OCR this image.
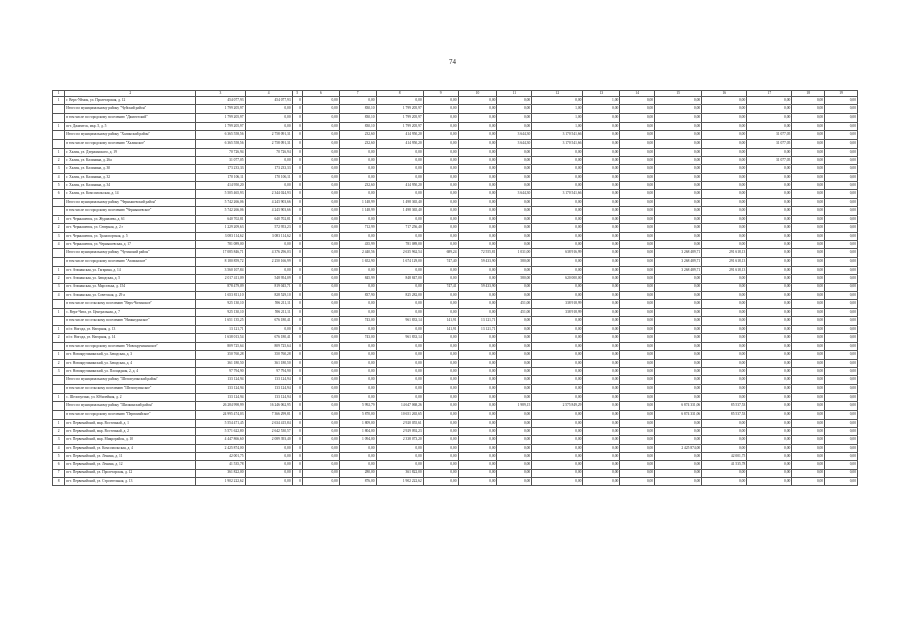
74
1	2	3	4	5	6	7	8	9	10	11	12	13	14	15	16	17	18	19
1	г. Верх-Уймон, ул. Пролетарская, д. 12	454 077,93	454 077,93	0	0,00	0,00	0,00	0,00	0,00	0,00	0,00	1,00	0,00	0,00	0,00	0,00	0,00	0,00
	Итого по муниципальному району "Чуйский район"	1 799 205,97	0,00	0	0,00	830,10	1 799 205,97	0,00	0,00	0,00	1,00	0,00	0,00	0,00	0,00	0,00	0,00	0,00
	в том числе по городскому поселению "Джигитский"	1 799 205,97	0,00	0	0,00	830,10	1 799 205,97	0,00	0,00	0,00	1,00	0,00	0,00	0,00	0,00	0,00	0,00	0,00
1	пгт. Джигитск, мкр. 5, д. 5	1 799 205,97	0,00	0	0,00	830,10	1 799 205,97	0,00	0,00	0,00	1,00	0,00	0,00	0,00	0,00	0,00	0,00	0,00
	Итого по муниципальному району "Халинский район"	6 365 558,56	2 758 091,31	0	0,00	232,60	414 950,20	0,00	0,00	3 644,30	3 170 541,66	0,00	0,00	0,00	0,00	31 077,05	0,00	0,00
	в том числе по городскому поселению "Халинское"	6 365 558,56	2 758 091,31	0	0,00	232,60	414 950,20	0,00	0,00	3 644,30	3 170 541,66	0,00	0,00	0,00	0,00	31 077,05	0,00	0,00
1	г. Халин, ул. Дзержинского, д. 19	70 726,94	70 726,94	0	0,00	0,00	0,00	0,00	0,00	0,00	0,00	0,00	0,00	0,00	0,00	0,00	0,00	0,00
2	г. Халин, ул. Калинина, д. 26а	31 077,05	0,00	0	0,00	0,00	0,00	0,00	0,00	0,00	0,00	0,00	0,00	0,00	0,00	31 077,05	0,00	0,00
3	г. Халин, ул. Калинина, д. 30	173 233,33	173 233,33	0	0,00	0,00	0,00	0,00	0,00	0,00	0,00	0,00	0,00	0,00	0,00	0,00	0,00	0,00
4	г. Халин, ул. Калинина, д. 32	170 106,11	170 106,11	0	0,00	0,00	0,00	0,00	0,00	0,00	0,00	0,00	0,00	0,00	0,00	0,00	0,00	0,00
5	г. Халин, ул. Калинина, д. 34	414 950,20	0,00	0	0,00	232,60	414 950,20	0,00	0,00	0,00	0,00	0,00	0,00	0,00	0,00	0,00	0,00	0,00
6	г. Халин, ул. Комсомольская, д. 14	5 505 465,93	2 344 024,93	0	0,00	0,00	0,00	0,00	0,00	3 644,30	3 170 541,66	0,00	0,00	0,00	0,00	0,00	0,00	0,00
	Итого по муниципальному району "Чернышевский район"	5 742 266,06	4 243 903,66	0	0,00	1 148,99	1 498 365,40	0,00	0,00	0,00	0,00	0,00	0,00	0,00	0,00	0,00	0,00	0,00
	в том числе по городскому поселению "Чернышевское"	5 742 266,06	4 243 903,66	0	0,00	1 148,99	1 498 365,40	0,00	0,00	0,00	0,00	0,00	0,00	0,00	0,00	0,00	0,00	0,00
1	пгт. Чернышевск, ул. Журавлева, д. 61	640 702,81	640 702,81	0	0,00	0,00	0,00	0,00	0,00	0,00	0,00	0,00	0,00	0,00	0,00	0,00	0,00	0,00
2	пгт. Чернышевск, ул. Северная, д. 2 г	1 229 209,63	572 953,23	0	0,00	712,99	717 256,40	0,00	0,00	0,00	0,00	0,00	0,00	0,00	0,00	0,00	0,00	0,00
3	пгт. Чернышевск, ул. Транспортная, д. 5	3 083 114,62	3 083 114,62	0	0,00	0,00	0,00	0,00	0,00	0,00	0,00	0,00	0,00	0,00	0,00	0,00	0,00	0,00
4	пгт. Чернышевск, ул. Чернышевская, д. 17	781 089,00	0,00	0	0,00	435,99	781 089,00	0,00	0,00	0,00	0,00	0,00	0,00	0,00	0,00	0,00	0,00	0,00
	Итого по муниципальному району "Чугинский район"	17 085 846,71	4 376 296,03	0	0,00	2 440,56	2 635 962,54	689,24	72 555,81	1 031,00	638 916,99	0,00	0,00	3 268 489,71	291 618,13	0,00	0,00	0,00
	в том числе по городскому поселению "Атаманское"	8 180 859,72	2 250 166,99	0	0,00	1 652,90	1 674 129,00	747,40	59 433,90	580,00	0,00	0,00	0,00	3 268 489,71	291 618,13	0,00	0,00	0,00
1	пгт. Атаманская, ул. Гагарина, д. 14	3 560 107,84	0,00	0	0,00	0,00	0,00	0,00	0,00	0,00	0,00	0,00	0,00	3 268 489,71	291 618,13	0,00	0,00	0,00
2	пгт. Атаманская, ул. Заводская, д. 5	2 017 411,09	548 954,09	0	0,00	845,99	848 847,00	0,00	0,00	580,00	620 000,00	0,00	0,00	0,00	0,00	0,00	0,00	0,00
3	пгт. Атаманская, ул. Марселька, д. 154	878 479,09	819 045,71	0	0,00	0,00	0,00	747,41	59 433,90	0,00	0,00	0,00	0,00	0,00	0,00	0,00	0,00	0,00
4	пгт. Атаманская, ул. Советская, д. 29 а	1 653 811,10	828 529,10	0	0,00	837,90	825 282,00	0,00	0,00	0,00	0,00	0,00	0,00	0,00	0,00	0,00	0,00	0,00
	в том числе по сельскому поселению "Верх-Читинское"	925 130,10	596 211,11	0	0,00	0,00	0,00	0,00	0,00	451,00	338 918,99	0,00	0,00	0,00	0,00	0,00	0,00	0,00
1	с. Верх-Чита, ул. Центральная, д. 7	925 130,10	596 211,11	0	0,00	0,00	0,00	0,00	0,00	451,00	338 918,99	0,00	0,00	0,00	0,00	0,00	0,00	0,00
	в том числе по сельскому поселению "Нижнедонское"	1 651 135,25	676 180,41	0	0,00	743,00	961 833,14	141,91	13 121,71	0,00	0,00	0,00	0,00	0,00	0,00	0,00	0,00	0,00
1	п/ст. Нигода, ул. Нагорная, д. 13	13 121,71	0,00	0	0,00	0,00	0,00	141,91	13 121,71	0,00	0,00	0,00	0,00	0,00	0,00	0,00	0,00	0,00
2	п/ст. Нигода, ул. Нагорная, д. 14	1 638 013,54	676 180,41	0	0,00	743,00	961 833,14	0,00	0,00	0,00	0,00	0,00	0,00	0,00	0,00	0,00	0,00	0,00
	в том числе по городскому поселению "Новокручининское"	809 725,64	809 725,64	0	0,00	0,00	0,00	0,00	0,00	0,00	0,00	0,00	0,00	0,00	0,00	0,00	0,00	0,00
1	пгт. Новокручининский, ул. Заводская, д. 3	350 760,28	350 760,28	0	0,00	0,00	0,00	0,00	0,00	0,00	0,00	0,00	0,00	0,00	0,00	0,00	0,00	0,00
2	пгт. Новокручининский, ул. Заводская, д. 4	361 180,50	361 180,50	0	0,00	0,00	0,00	0,00	0,00	0,00	0,00	0,00	0,00	0,00	0,00	0,00	0,00	0,00
3	пгт. Новокручининский, ул. Площадная, 2, д. 4	97 794,90	97 794,90	0	0,00	0,00	0,00	0,00	0,00	0,00	0,00	0,00	0,00	0,00	0,00	0,00	0,00	0,00
	Итого по муниципальному району "Шелопугинский район"	133 124,94	133 124,94	0	0,00	0,00	0,00	0,00	0,00	0,00	0,00	0,00	0,00	0,00	0,00	0,00	0,00	0,00
	в том числе по сельскому поселению "Шелопугинское"	133 124,94	133 124,94	0	0,00	0,00	0,00	0,00	0,00	0,00	0,00	0,00	0,00	0,00	0,00	0,00	0,00	0,00
1	с. Шелопугино, ул. Юбилейная, д. 2	133 124,94	133 124,94	0	0,00	0,00	0,00	0,00	0,00	0,00	0,00	0,00	0,00	0,00	0,00	0,00	0,00	0,00
	Итого по муниципальному району "Шилкинский район"	26 284 998,99	16 246 062,95	0	0,00	5 992,79	14 647 068,26	0,00	0,00	1 989,15	2 575 849,29	0,00	0,00	6 874 331,06	85 537,53	0,00	0,00	0,00
	в том числе по городскому поселению "Первомайское"	24 995 474,03	7 366 299,81	0	0,00	5 870,00	10 651 265,65	0,00	0,00	0,00	0,00	0,00	0,00	6 874 331,06	85 537,53	0,00	0,00	0,00
1	пгт. Первомайский, мкр. Восточный, д. 1	5 554 471,45	2 634 415,84	0	0,00	1 809,00	2 920 055,61	0,00	0,00	0,00	0,00	0,00	0,00	0,00	0,00	0,00	0,00	0,00
2	пгт. Первомайский, мкр. Восточный, д. 2	5 571 622,80	2 642 530,57	0	0,00	1 804,00	2 929 092,23	0,00	0,00	0,00	0,00	0,00	0,00	0,00	0,00	0,00	0,00	0,00
3	пгт. Первомайский, мкр. Микрорайон, д. 10	4 447 866,60	2 089 393,40	0	0,00	1 094,00	2 338 073,20	0,00	0,00	0,00	0,00	0,00	0,00	0,00	0,00	0,00	0,00	0,00
4	пгт. Первомайский, ул. Комсомольская, д. 4	2 425 874,00	0,00	0	0,00	0,00	0,00	0,00	0,00	0,00	0,00	0,00	0,00	2 425 874,00	0,00	0,00	0,00	0,00
5	пгт. Первомайский, ул. Ленина, д. 11	42 001,75	0,00	0	0,00	0,00	0,00	0,00	0,00	0,00	0,00	0,00	0,00	0,00	42 001,75	0,00	0,00	0,00
6	пгт. Первомайский, ул. Ленина, д. 12	41 535,78	0,00	0	0,00	0,00	0,00	0,00	0,00	0,00	0,00	0,00	0,00	0,00	41 535,78	0,00	0,00	0,00
7	пгт. Первомайский, ул. Пролетарская, д. 12	361 822,00	0,00	0	0,00	280,00	361 822,00	0,00	0,00	0,00	0,00	0,00	0,00	0,00	0,00	0,00	0,00	0,00
8	пгт. Первомайский, ул. Строительная, д. 13	1 902 222,62	0,00	0	0,00	876,00	1 902 222,62	0,00	0,00	0,00	0,00	0,00	0,00	0,00	0,00	0,00	0,00	0,00
